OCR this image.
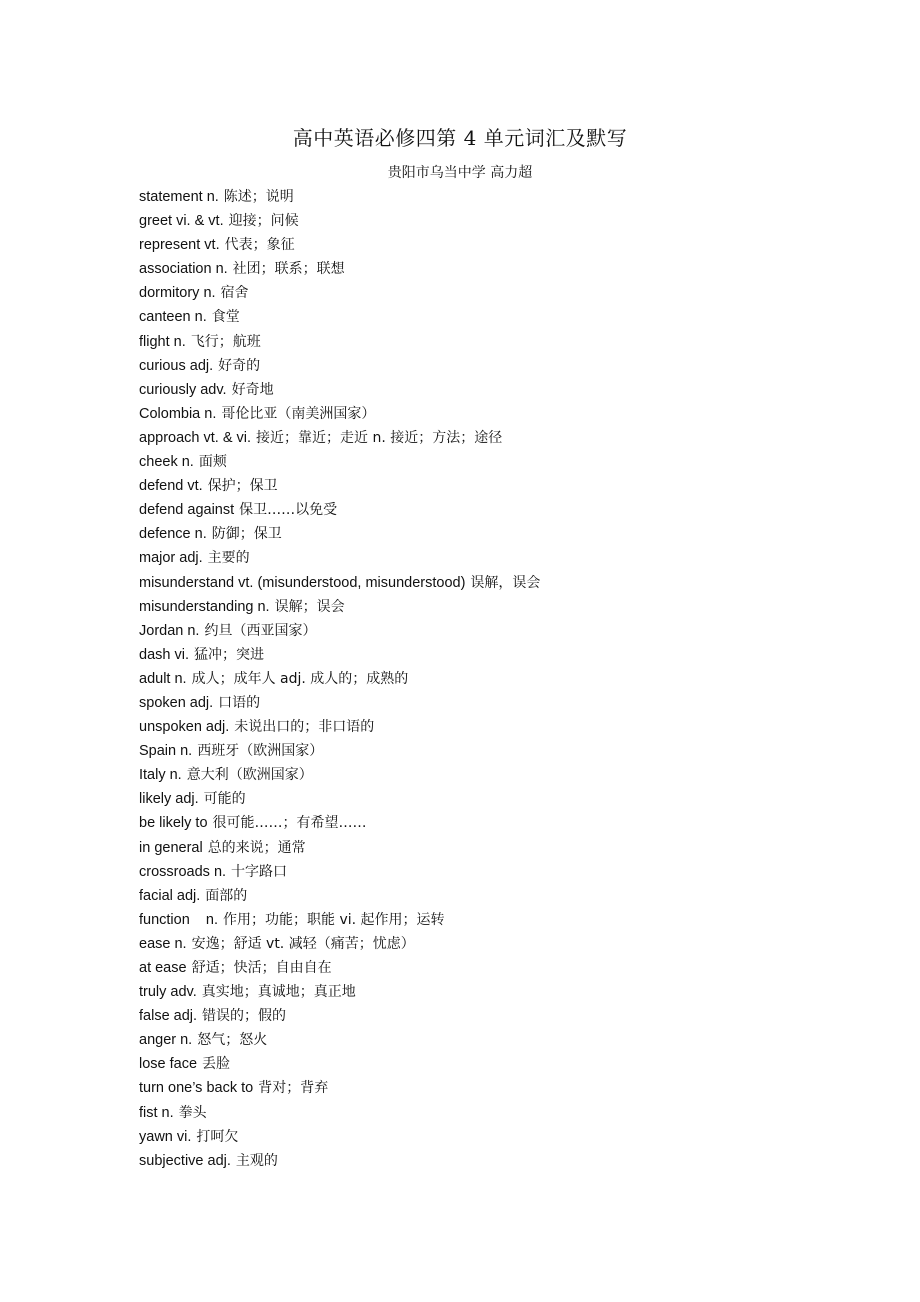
高中英语必修四第 4 单元词汇及默写
贵阳市乌当中学 高力超
statement n. 陈述；说明
greet vi. & vt. 迎接；问候
represent vt. 代表；象征
association n. 社团；联系；联想
dormitory n. 宿舍
canteen n. 食堂
flight n. 飞行；航班
curious adj. 好奇的
curiously adv. 好奇地
Colombia n. 哥伦比亚（南美洲国家）
approach vt. & vi. 接近；靠近；走近 n. 接近；方法；途径
cheek n. 面颊
defend vt. 保护；保卫
defend against 保卫……以免受
defence n. 防御；保卫
major adj. 主要的
misunderstand vt. (misunderstood, misunderstood) 误解，误会
misunderstanding n. 误解；误会
Jordan n. 约旦（西亚国家）
dash vi. 猛冲；突进
adult n. 成人；成年人 adj. 成人的；成熟的
spoken adj. 口语的
unspoken adj. 未说出口的；非口语的
Spain n. 西班牙（欧洲国家）
Italy n. 意大利（欧洲国家）
likely adj. 可能的
be likely to 很可能……；有希望……
in general 总的来说；通常
crossroads n. 十字路口
facial adj. 面部的
function    n. 作用；功能；职能 vi. 起作用；运转
ease n. 安逸；舒适 vt. 减轻（痛苦；忧虑）
at ease 舒适；快活；自由自在
truly adv. 真实地；真诚地；真正地
false adj. 错误的；假的
anger n. 怒气；怒火
lose face 丢脸
turn one’s back to 背对；背弃
fist n. 拳头
yawn vi. 打呵欠
subjective adj. 主观的
